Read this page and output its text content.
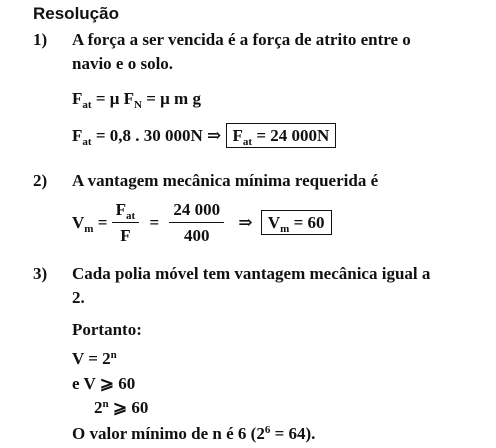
Resolução
1) A força a ser vencida é a força de atrito entre o
navio e o solo.
$F_{at} = \mu$ $F_N = \mu$ m g
$F_{at} = 0,8$ . 30 000N ⇒ $F_{at} = 24$ 000N
2) A vantagem mecânica mínima requerida é
$V_m = \frac{F_{at}}{F} = \frac{24 000}{400}$ ⇒ $V_m = 60$
3) Cada polia móvel tem vantagem mecânica igual a
2.
Portanto:
$V = 2^n$
e V ⩾ 60
2$^n$ ⩾ 60
O valor mínimo de n é 6 $(2^6 = 64)$.
